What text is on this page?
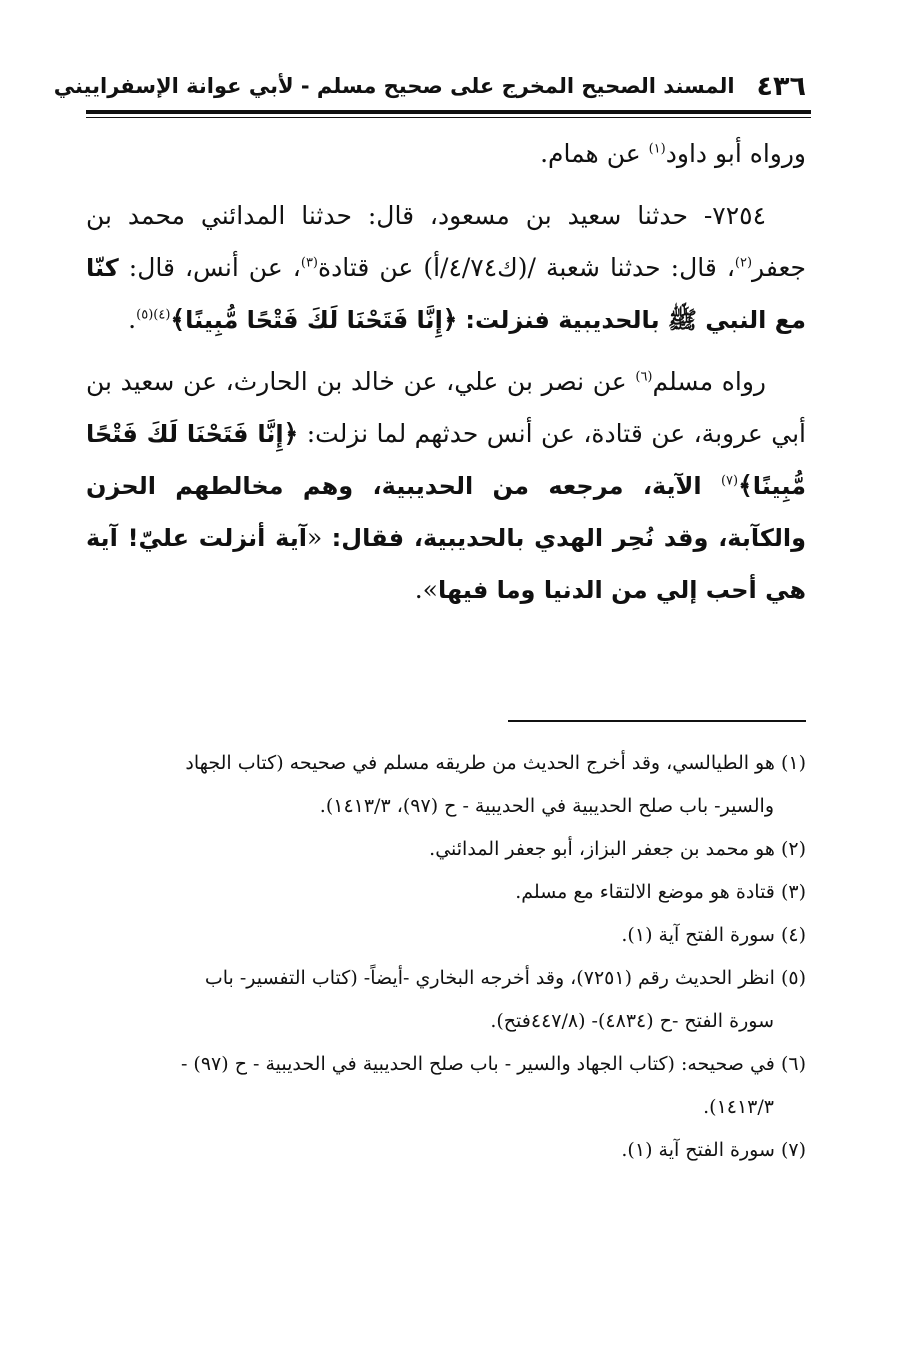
٤٣٦
المسند الصحيح المخرج على صحيح مسلم - لأبي عوانة الإسفراييني

ورواه أبو داود$^{(١)}$ عن همام.

٧٢٥٤- حدثنا سعيد بن مسعود، قال: حدثنا المدائني محمد بن جعفر$^{(٢)}$، قال: حدثنا شعبة /(ك٤/٧٤/أ) عن قتادة$^{(٣)}$، عن أنس، قال: كنّا مع النبي ﷺ بالحديبية فنزلت: ﴿إِنَّا فَتَحْنَا لَكَ فَتْحًا مُّبِينًا﴾$^{(٤)(٥)}$.

رواه مسلم$^{(٦)}$ عن نصر بن علي، عن خالد بن الحارث، عن سعيد بن أبي عروبة، عن قتادة، عن أنس حدثهم لما نزلت: ﴿إِنَّا فَتَحْنَا لَكَ فَتْحًا مُّبِينًا﴾$^{(٧)}$ الآية، مرجعه من الحديبية، وهم مخالطهم الحزن والكآبة، وقد نُحِر الهدي بالحديبية، فقال: «آية أنزلت عليّ! آية هي أحب إلي من الدنيا وما فيها».

(١) هو الطيالسي، وقد أخرج الحديث من طريقه مسلم في صحيحه (كتاب الجهاد
والسير- باب صلح الحديبية في الحديبية - ح (٩٧)، ١٤١٣/٣).

(٢) هو محمد بن جعفر البزاز، أبو جعفر المدائني.

(٣) قتادة هو موضع الالتقاء مع مسلم.

(٤) سورة الفتح آية (١).

(٥) انظر الحديث رقم (٧٢٥١)، وقد أخرجه البخاري -أيضاً- (كتاب التفسير- باب
سورة الفتح -ح (٤٨٣٤)- (٤٤٧/٨فتح).

(٦) في صحيحه: (كتاب الجهاد والسير - باب صلح الحديبية في الحديبية - ح (٩٧) -
١٤١٣/٣).

(٧) سورة الفتح آية (١).
